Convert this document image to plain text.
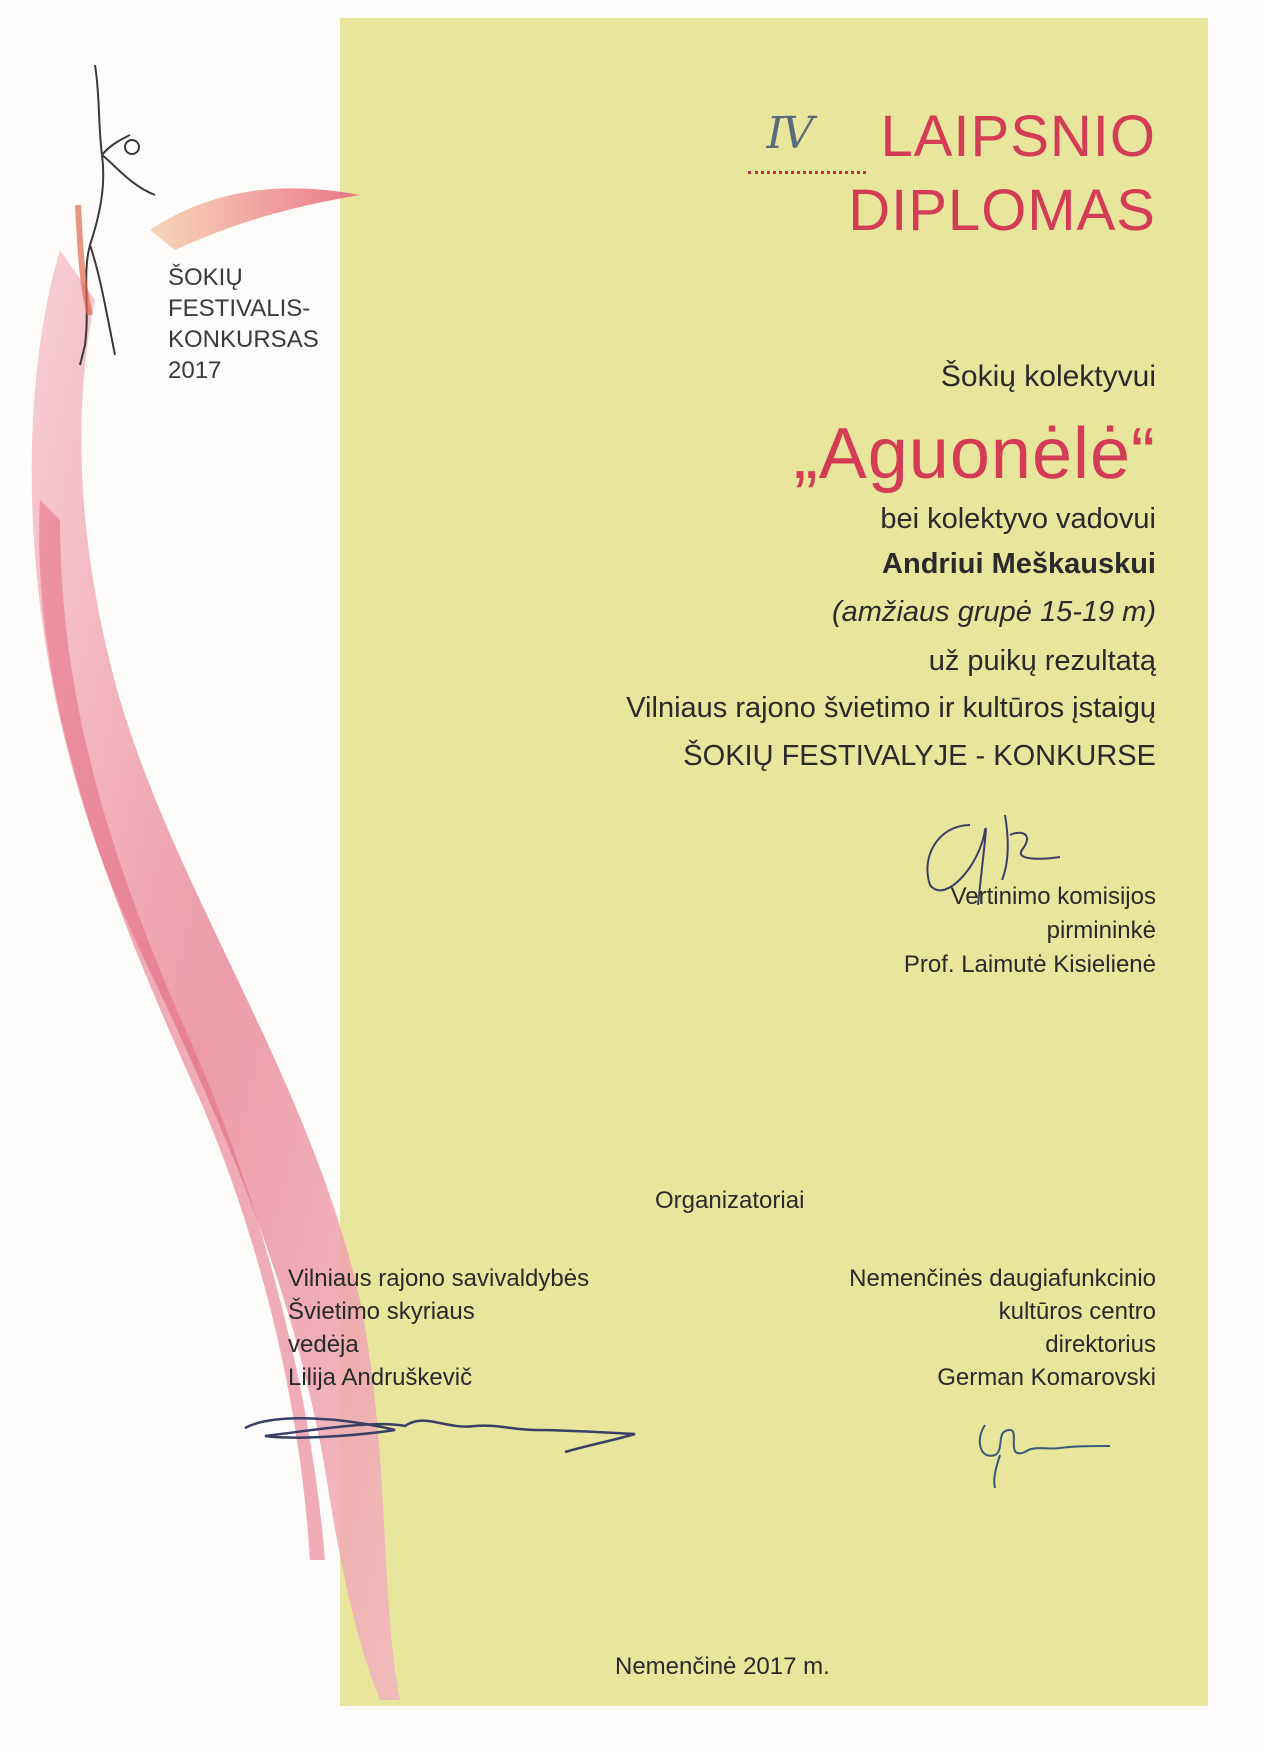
ŠOKIŲ
FESTIVALIS-
KONKURSAS
2017
IV LAIPSNIO
DIPLOMAS
Šokių kolektyvui
„Aguonėlė“
bei kolektyvo vadovui
Andriui Meškauskui
(amžiaus grupė 15-19 m)
už puikų rezultatą
Vilniaus rajono švietimo ir kultūros įstaigų
ŠOKIŲ FESTIVALYJE - KONKURSE
Vertinimo komisijos
pirmininkė
Prof. Laimutė Kisielienė
Organizatoriai
Vilniaus rajono savivaldybės
Švietimo skyriaus
vedėja
Lilija Andruškevič
Nemenčinės daugiafunkcinio
kultūros centro
direktorius
German Komarovski
Nemenčinė 2017 m.
